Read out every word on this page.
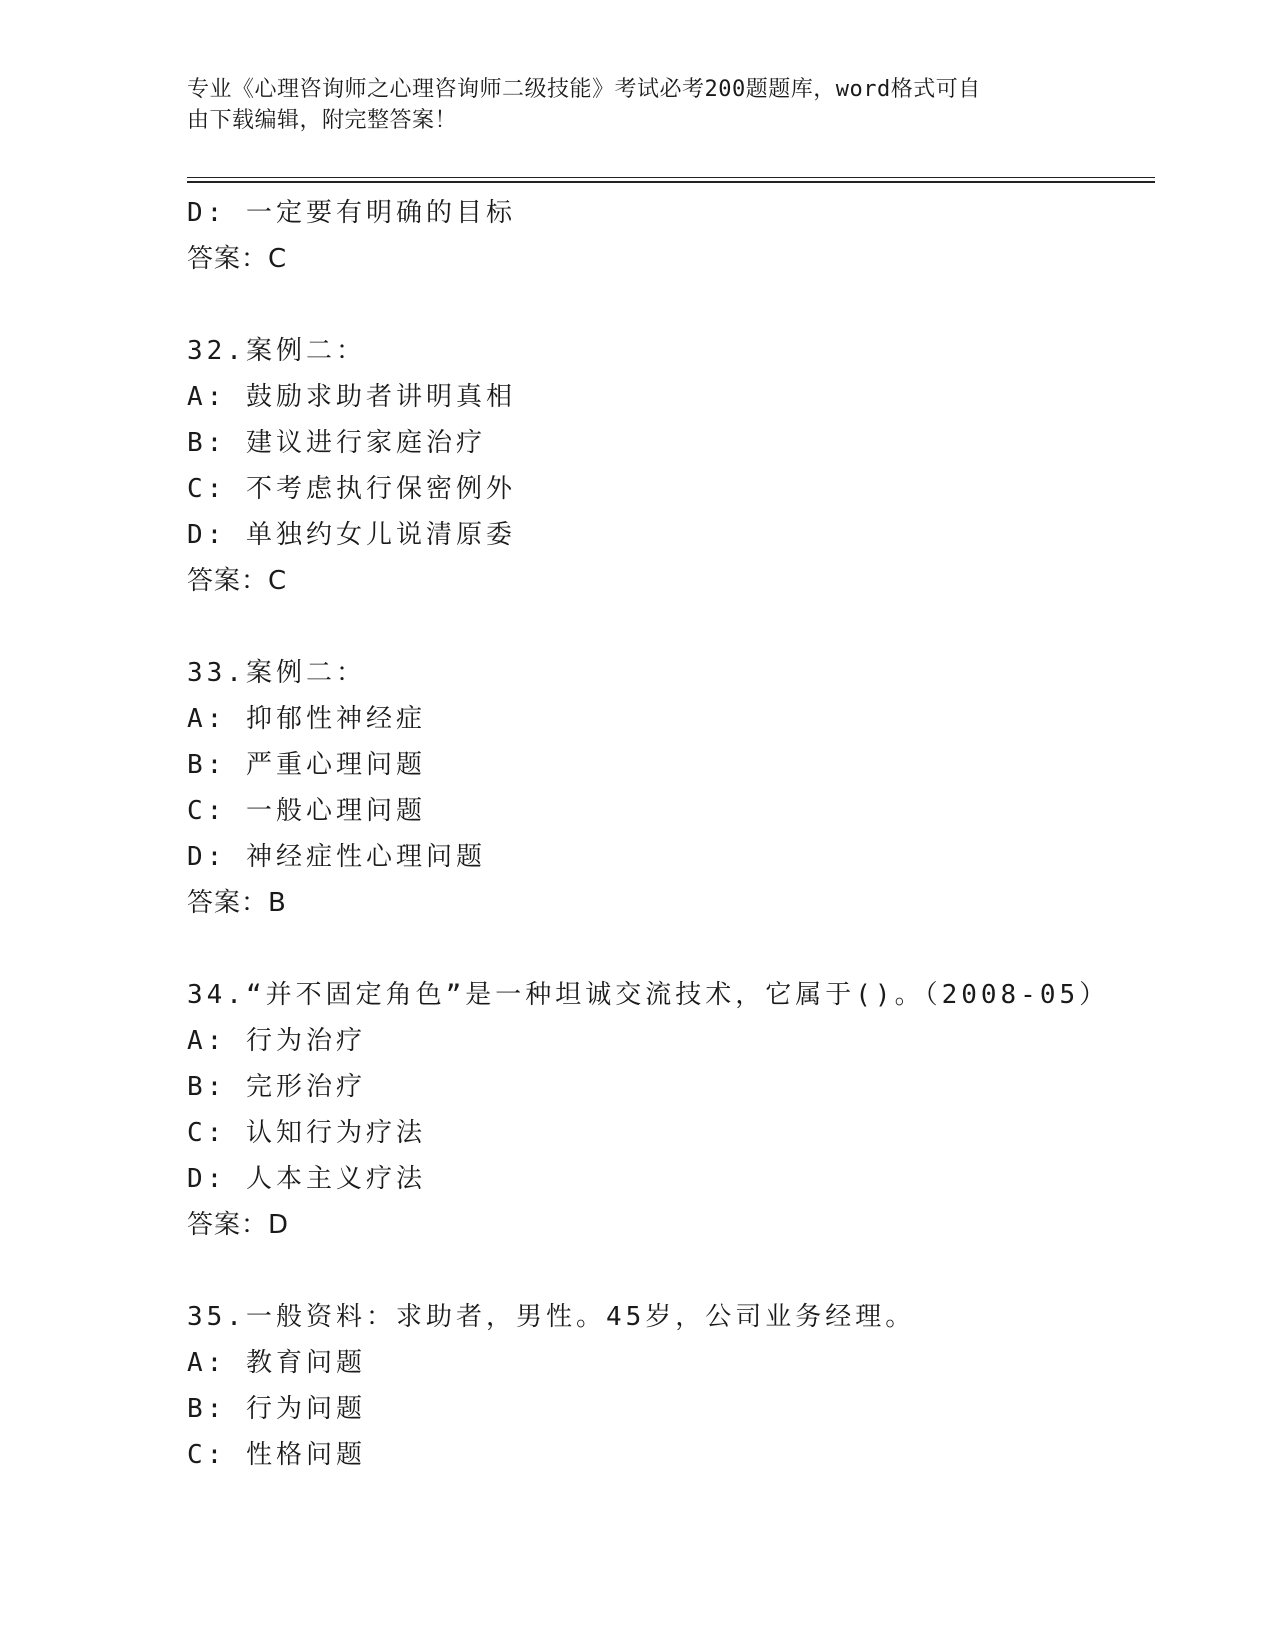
专业《心理咨询师之心理咨询师二级技能》考试必考200题题库，word格式可自
由下载编辑，附完整答案！
D: 一定要有明确的目标
答案：C
32.案例二：
A: 鼓励求助者讲明真相
B: 建议进行家庭治疗
C: 不考虑执行保密例外
D: 单独约女儿说清原委
答案：C
33.案例二：
A: 抑郁性神经症
B: 严重心理问题
C: 一般心理问题
D: 神经症性心理问题
答案：B
34.“并不固定角色”是一种坦诚交流技术，它属于()。（2008-05）
A: 行为治疗
B: 完形治疗
C: 认知行为疗法
D: 人本主义疗法
答案：D
35.一般资料：求助者，男性。45岁，公司业务经理。
A: 教育问题
B: 行为问题
C: 性格问题
